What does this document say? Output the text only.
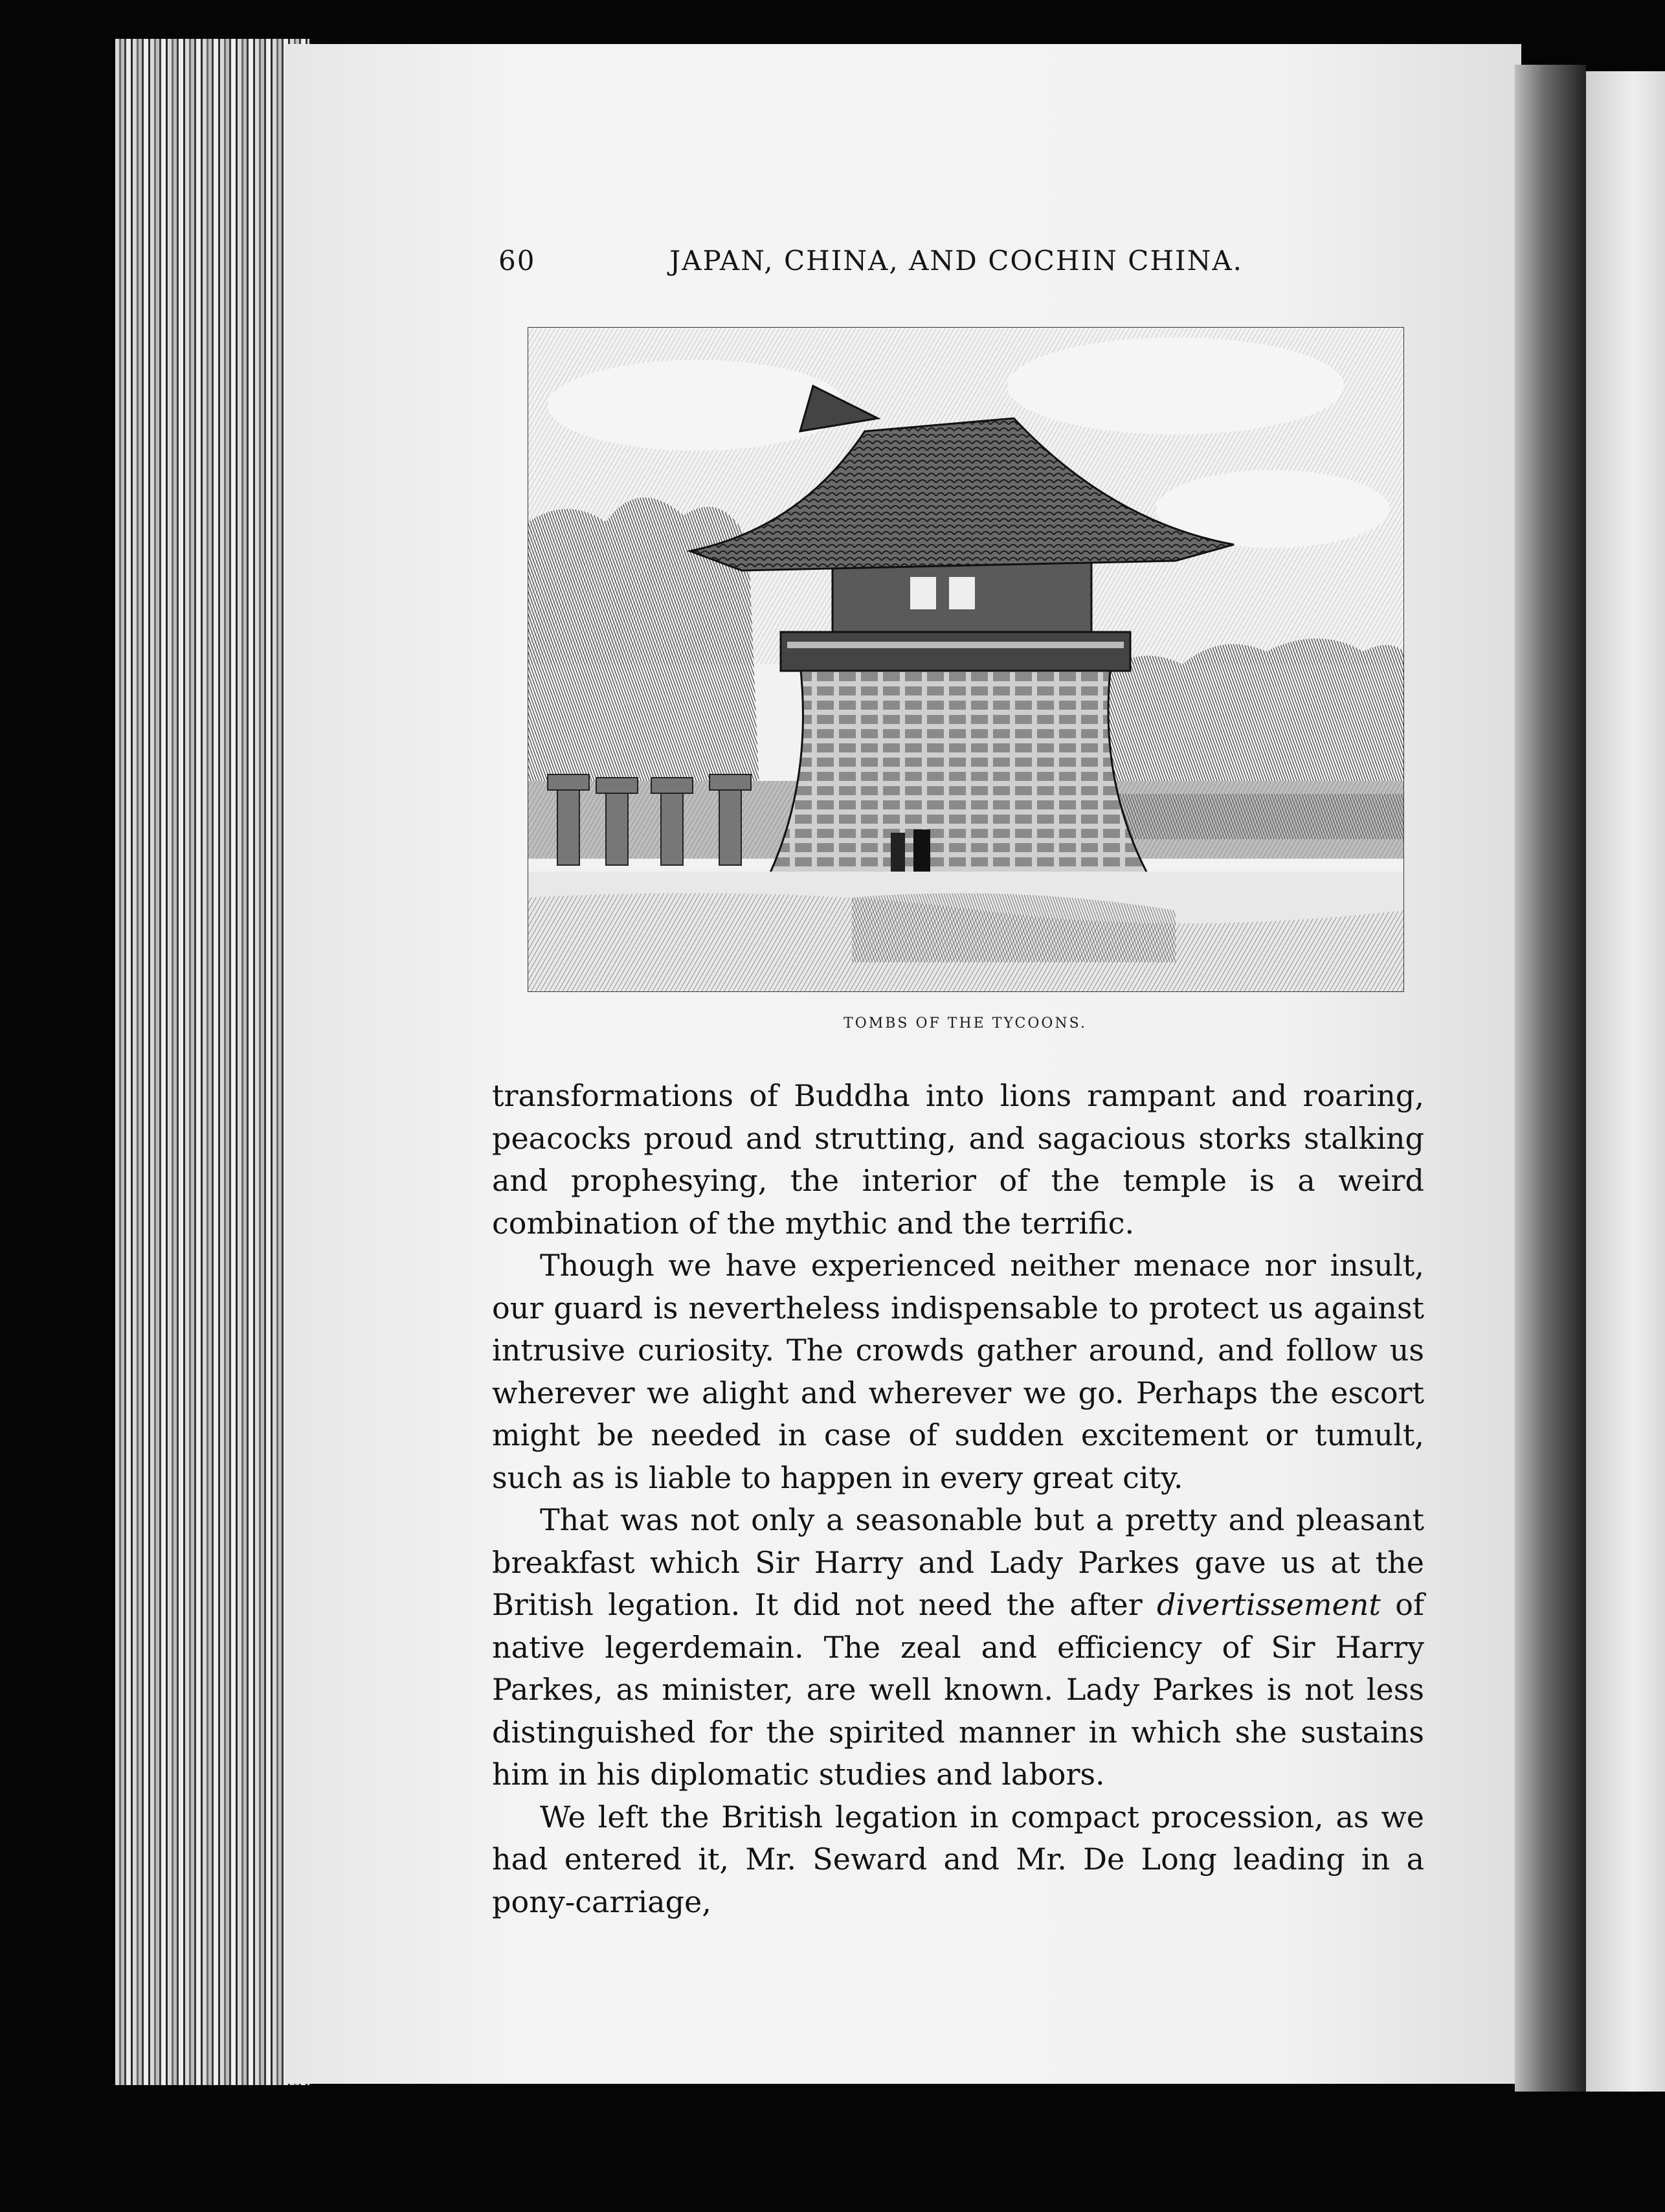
60	JAPAN, CHINA, AND COCHIN CHINA.
TOMBS OF THE TYCOONS.

transformations of Buddha into lions rampant and roaring, peacocks proud and strutting, and sagacious storks stalking and prophesying, the interior of the temple is a weird combination of the mythic and the terrific.

Though we have experienced neither menace nor insult, our guard is nevertheless indispensable to protect us against intrusive curiosity. The crowds gather around, and follow us wherever we alight and wherever we go. Perhaps the escort might be needed in case of sudden excitement or tumult, such as is liable to happen in every great city.

That was not only a seasonable but a pretty and pleasant breakfast which Sir Harry and Lady Parkes gave us at the British legation. It did not need the after divertissement of native legerdemain. The zeal and efficiency of Sir Harry Parkes, as minister, are well known. Lady Parkes is not less distinguished for the spirited manner in which she sustains him in his diplomatic studies and labors.

We left the British legation in compact procession, as we had entered it, Mr. Seward and Mr. De Long leading in a pony-carriage,
